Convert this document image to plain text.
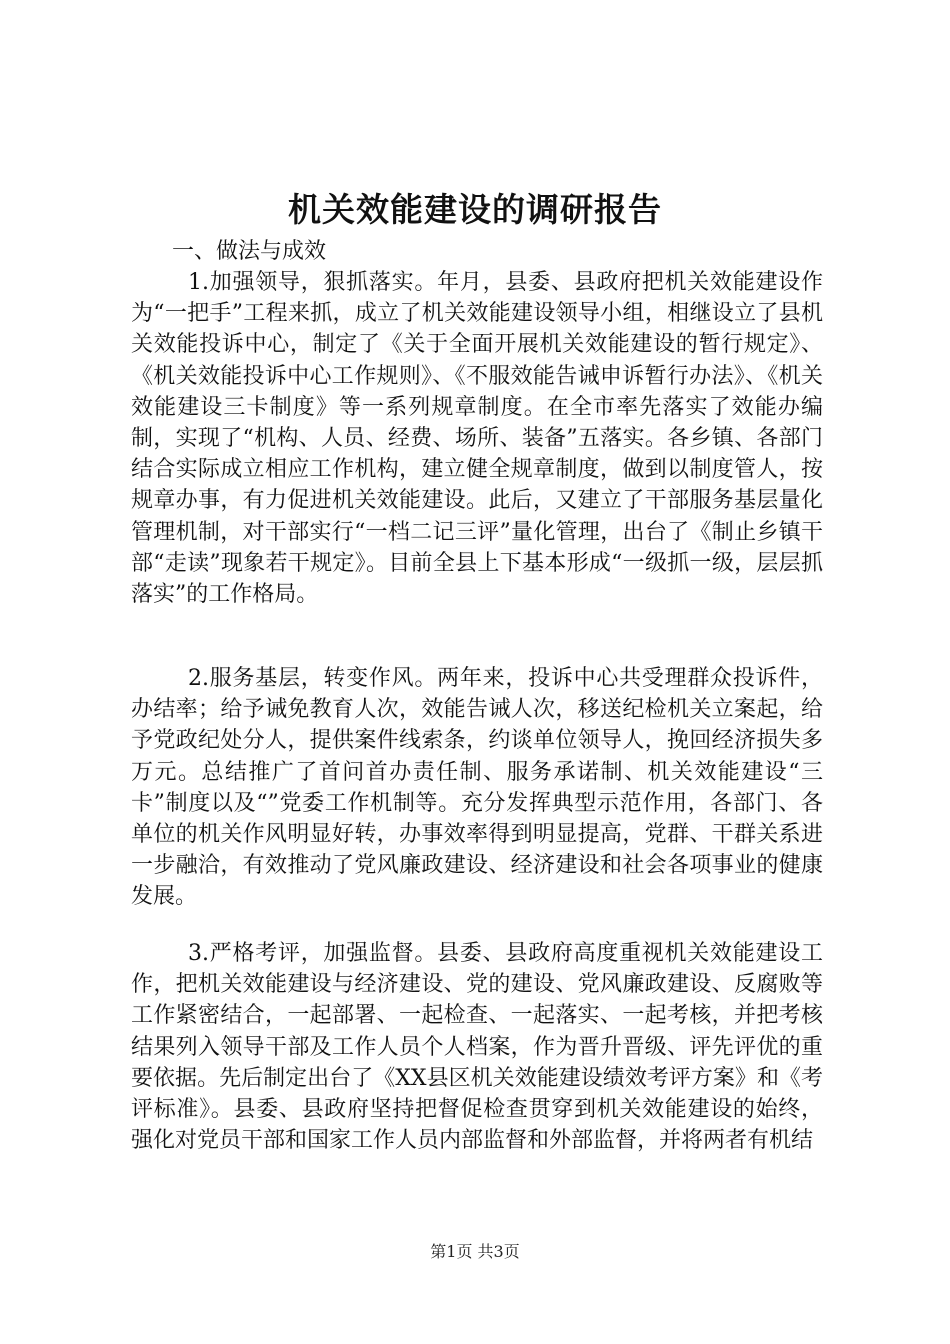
机关效能建设的调研报告

一、做法与成效

1.加强领导，狠抓落实。年月，县委、县政府把机关效能建设作为“一把手”工程来抓，成立了机关效能建设领导小组，相继设立了县机关效能投诉中心，制定了《关于全面开展机关效能建设的暂行规定》、《机关效能投诉中心工作规则》、《不服效能告诫申诉暂行办法》、《机关效能建设三卡制度》等一系列规章制度。在全市率先落实了效能办编制，实现了“机构、人员、经费、场所、装备”五落实。各乡镇、各部门结合实际成立相应工作机构，建立健全规章制度，做到以制度管人，按规章办事，有力促进机关效能建设。此后，又建立了干部服务基层量化管理机制，对干部实行“一档二记三评”量化管理，出台了《制止乡镇干部“走读”现象若干规定》。目前全县上下基本形成“一级抓一级，层层抓落实”的工作格局。

2.服务基层，转变作风。两年来，投诉中心共受理群众投诉件，办结率；给予诫免教育人次，效能告诫人次，移送纪检机关立案起，给予党政纪处分人，提供案件线索条，约谈单位领导人，挽回经济损失多万元。总结推广了首问首办责任制、服务承诺制、机关效能建设“三卡”制度以及“”党委工作机制等。充分发挥典型示范作用，各部门、各单位的机关作风明显好转，办事效率得到明显提高，党群、干群关系进一步融洽，有效推动了党风廉政建设、经济建设和社会各项事业的健康发展。

3.严格考评，加强监督。县委、县政府高度重视机关效能建设工作，把机关效能建设与经济建设、党的建设、党风廉政建设、反腐败等工作紧密结合，一起部署、一起检查、一起落实、一起考核，并把考核结果列入领导干部及工作人员个人档案，作为晋升晋级、评先评优的重要依据。先后制定出台了《XX县区机关效能建设绩效考评方案》和《考评标准》。县委、县政府坚持把督促检查贯穿到机关效能建设的始终，强化对党员干部和国家工作人员内部监督和外部监督，并将两者有机结

第1页 共3页
